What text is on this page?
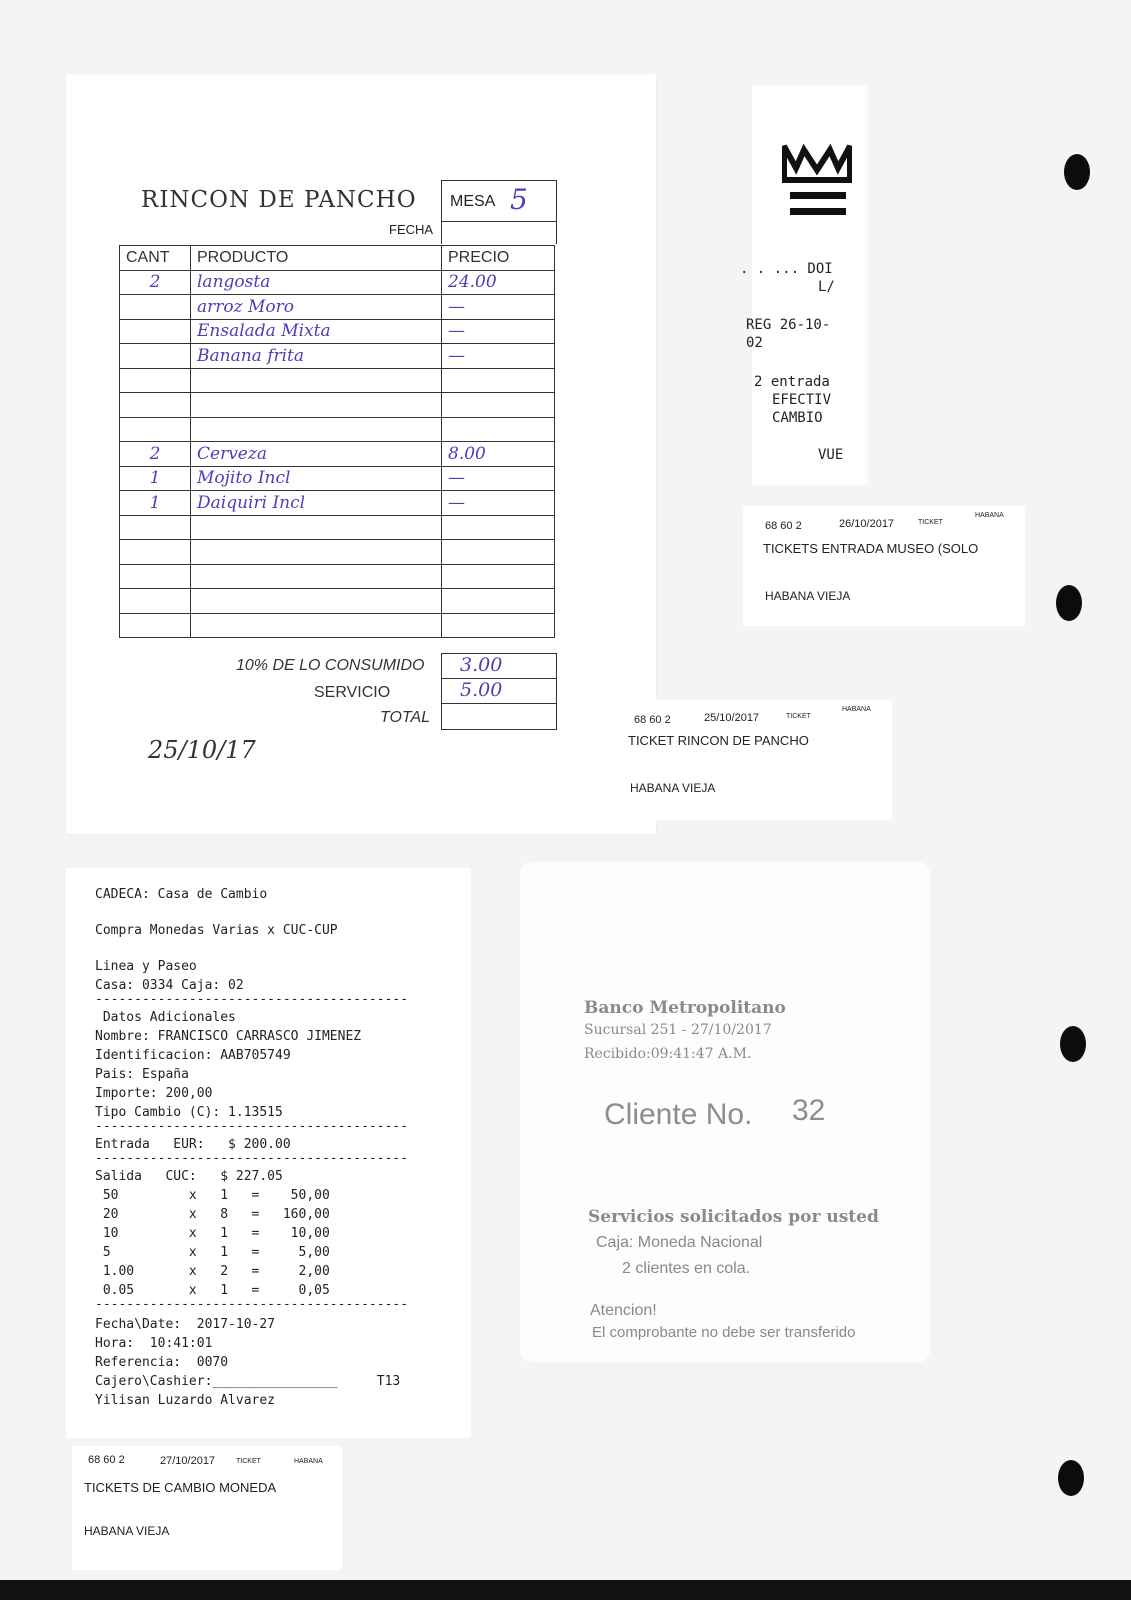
RINCON DE PANCHO MESA 5
FECHA
CANT	PRODUCTO	PRECIO
2	langosta	24.00
	arroz Moro	—
	Ensalada Mixta	—
	Banana frita	—

2	Cerveza	8.00
1	Mojito Incl	—
1	Daiquiri Incl	—

10% DE LO CONSUMIDO 3.00
SERVICIO	5.00
TOTAL
25/10/17
. . ... DOI
L/
REG 26-10-
02
2 entrada
EFECTIV
CAMBIO
VUE
68 60 2	26/10/2017	TICKET
HABANA
TICKETS ENTRADA MUSEO (SOLO
HABANA VIEJA
68 60 2	25/10/2017	TICKET
HABANA
TICKET RINCON DE PANCHO
HABANA VIEJA
CADECA: Casa de Cambio
Compra Monedas Varias x CUC-CUP
Linea y Paseo
Casa: 0334 Caja: 02
----------------------------------------
Datos Adicionales
Nombre: FRANCISCO CARRASCO JIMENEZ
Identificacion: AAB705749
Pais: España
Importe: 200,00
Tipo Cambio (C): 1.13515
----------------------------------------
Entrada   EUR:   $ 200.00
----------------------------------------
Salida   CUC:   $ 227.05
50         x   1   =    50,00
20         x   8   =   160,00
10         x   1   =    10,00
5          x   1   =     5,00
1.00       x   2   =     2,00
0.05       x   1   =     0,05
----------------------------------------
Fecha\Date:  2017-10-27
Hora:  10:41:01
Referencia:  0070
Cajero\Cashier:________________     T13
Yilisan Luzardo Alvarez
68 60 2	27/10/2017	TICKET	HABANA
TICKETS DE CAMBIO MONEDA
HABANA VIEJA
Banco Metropolitano
Sucursal 251 - 27/10/2017
Recibido:09:41:47 A.M.
Cliente No. 32
Servicios solicitados por usted
Caja: Moneda Nacional
2 clientes en cola.
Atencion!
El comprobante no debe ser transferido
